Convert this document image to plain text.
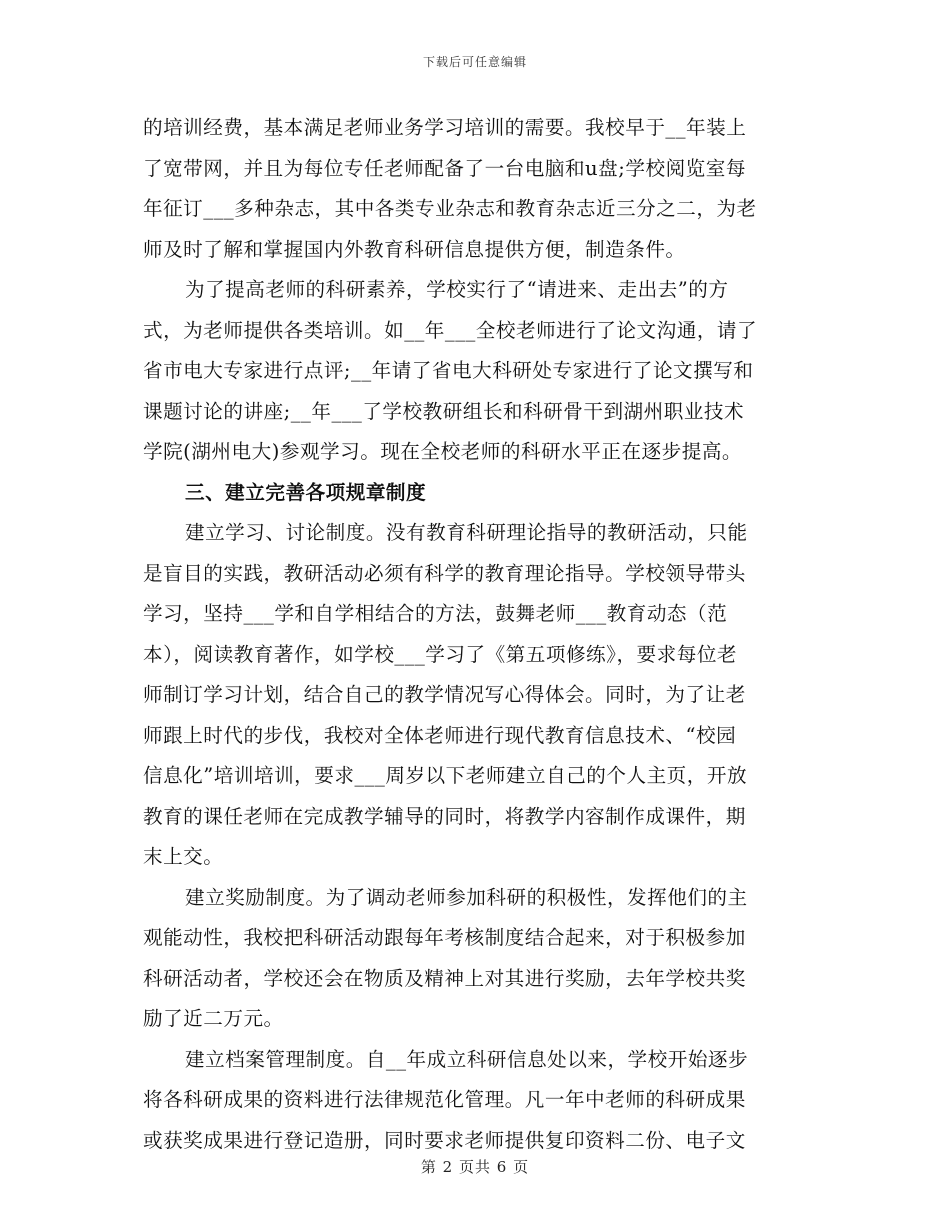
下载后可任意编辑
的培训经费，基本满足老师业务学习培训的需要。我校早于__年装上
了宽带网，并且为每位专任老师配备了一台电脑和u盘;学校阅览室每
年征订___多种杂志，其中各类专业杂志和教育杂志近三分之二，为老
师及时了解和掌握国内外教育科研信息提供方便，制造条件。
为了提高老师的科研素养，学校实行了“请进来、走出去”的方
式，为老师提供各类培训。如__年___全校老师进行了论文沟通，请了
省市电大专家进行点评;__年请了省电大科研处专家进行了论文撰写和
课题讨论的讲座;__年___了学校教研组长和科研骨干到湖州职业技术
学院(湖州电大)参观学习。现在全校老师的科研水平正在逐步提高。
三、建立完善各项规章制度
建立学习、讨论制度。没有教育科研理论指导的教研活动，只能
是盲目的实践，教研活动必须有科学的教育理论指导。学校领导带头
学习，坚持___学和自学相结合的方法，鼓舞老师___教育动态（范
本），阅读教育著作，如学校___学习了《第五项修练》，要求每位老
师制订学习计划，结合自己的教学情况写心得体会。同时，为了让老
师跟上时代的步伐，我校对全体老师进行现代教育信息技术、“校园
信息化”培训培训，要求___周岁以下老师建立自己的个人主页，开放
教育的课任老师在完成教学辅导的同时，将教学内容制作成课件，期
末上交。
建立奖励制度。为了调动老师参加科研的积极性，发挥他们的主
观能动性，我校把科研活动跟每年考核制度结合起来，对于积极参加
科研活动者，学校还会在物质及精神上对其进行奖励，去年学校共奖
励了近二万元。
建立档案管理制度。自__年成立科研信息处以来，学校开始逐步
将各科研成果的资料进行法律规范化管理。凡一年中老师的科研成果
或获奖成果进行登记造册，同时要求老师提供复印资料二份、电子文
第 2 页共 6 页
